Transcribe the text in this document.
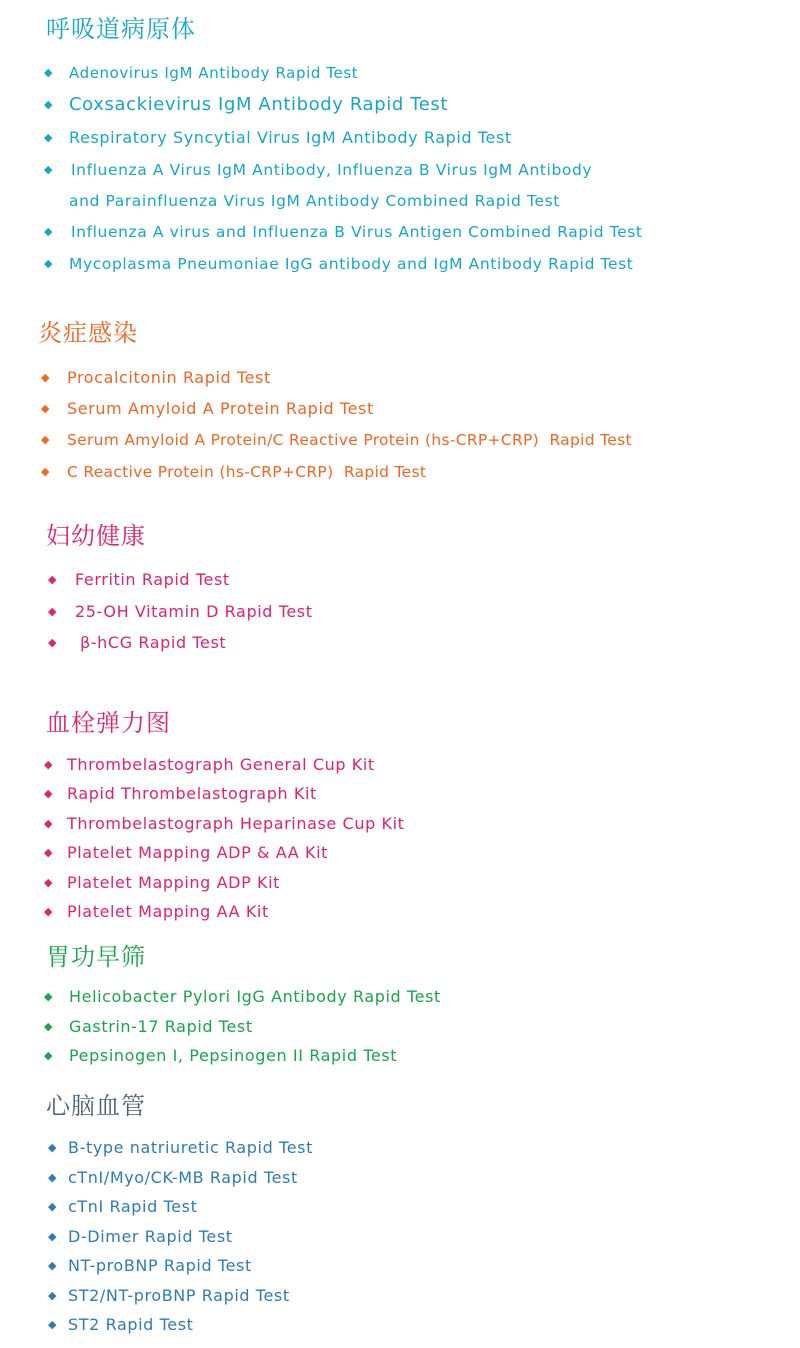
呼吸道病原体
◆ Adenovirus IgM Antibody Rapid Test
◆ Coxsackievirus IgM Antibody Rapid Test
◆ Respiratory Syncytial Virus IgM Antibody Rapid Test
◆ Influenza A Virus IgM Antibody, Influenza B Virus IgM Antibody
and Parainfluenza Virus IgM Antibody Combined Rapid Test
◆ Influenza A virus and Influenza B Virus Antigen Combined Rapid Test
◆ Mycoplasma Pneumoniae IgG antibody and IgM Antibody Rapid Test
炎症感染
◆ Procalcitonin Rapid Test
◆ Serum Amyloid A Protein Rapid Test
◆ Serum Amyloid A Protein/C Reactive Protein (hs-CRP+CRP)  Rapid Test
◆ C Reactive Protein (hs-CRP+CRP)  Rapid Test
妇幼健康
◆ Ferritin Rapid Test
◆ 25-OH Vitamin D Rapid Test
◆ β-hCG Rapid Test
血栓弹力图
◆ Thrombelastograph General Cup Kit
◆ Rapid Thrombelastograph Kit
◆ Thrombelastograph Heparinase Cup Kit
◆ Platelet Mapping ADP & AA Kit
◆ Platelet Mapping ADP Kit
◆ Platelet Mapping AA Kit
胃功早筛
◆ Helicobacter Pylori IgG Antibody Rapid Test
◆ Gastrin-17 Rapid Test
◆ Pepsinogen I, Pepsinogen II Rapid Test
心脑血管
◆ B-type natriuretic Rapid Test
◆ cTnI/Myo/CK-MB Rapid Test
◆ cTnI Rapid Test
◆ D-Dimer Rapid Test
◆ NT-proBNP Rapid Test
◆ ST2/NT-proBNP Rapid Test
◆ ST2 Rapid Test
